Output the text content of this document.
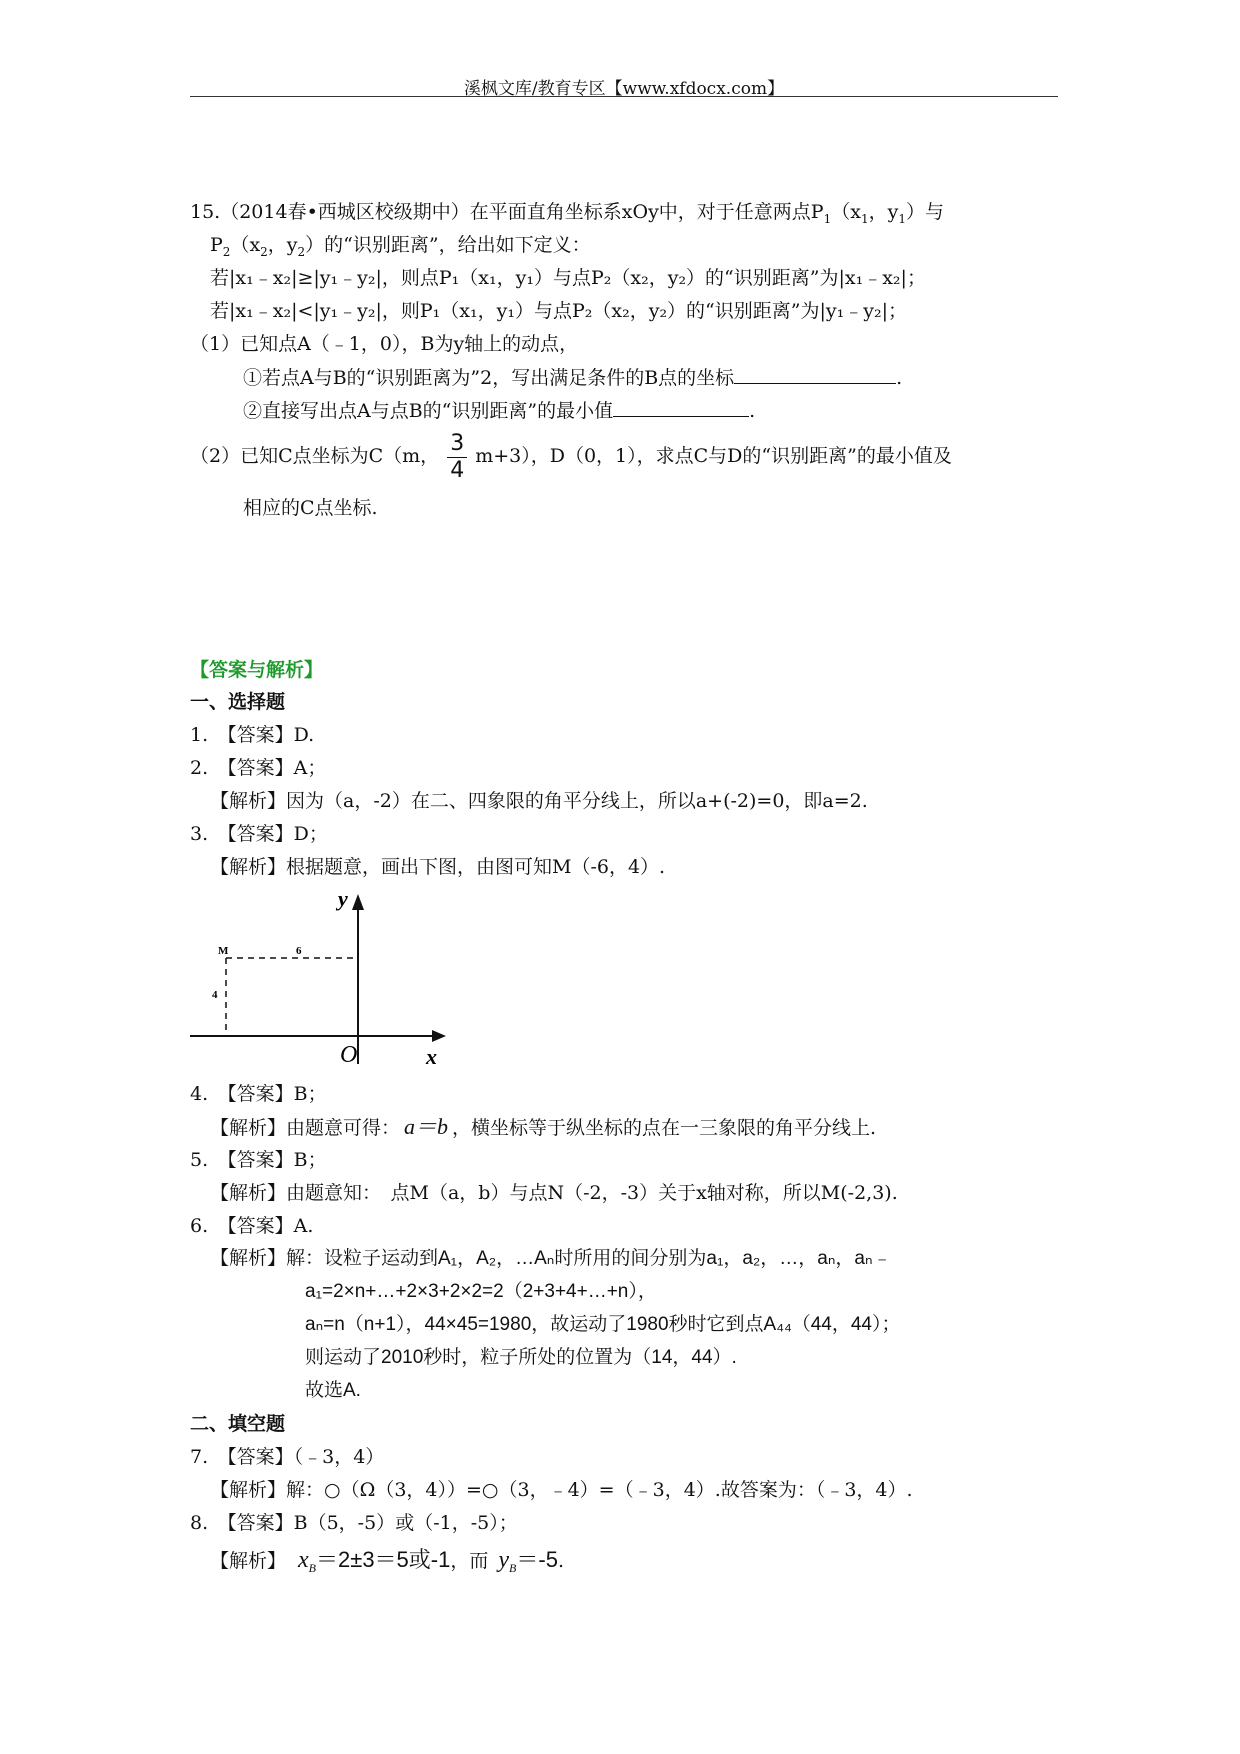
溪枫文库/教育专区【www.xfdocx.com】
15.（2014春•西城区校级期中）在平面直角坐标系xOy中，对于任意两点$P_1(x_1$，$y_1$）与
$P_2(x_2$，$y_2$）的“识别距离”，给出如下定义：
若|x₁﹣x₂|≥|y₁﹣y₂|，则点P₁（x₁，y₁）与点P₂（x₂，y₂）的“识别距离”为|x₁﹣x₂|；
若|x₁﹣x₂|<|y₁﹣y₂|，则P₁（x₁，y₁）与点P₂（x₂，y₂）的“识别距离”为|y₁﹣y₂|；
（1）已知点A（﹣1，0），B为y轴上的动点，
①若点A与B的“识别距离为”2，写出满足条件的B点的坐标	.
②直接写出点A与点B的“识别距离”的最小值	.
（2）已知C点坐标为C（m， $\frac{3}{4} m+3$），D（0，1），求点C与D的“识别距离”的最小值及
相应的C点坐标.
【答案与解析】
一、选择题
1.　【答案】D.
2.　【答案】A；
【解析】因为（a，-2）在二、四象限的角平分线上，所以a+(-2)=0，即a=2.
3.　【答案】D；
【解析】根据题意，画出下图，由图可知M（-6，4）.
y
x
O
M	6
4
4.　【答案】B；
【解析】由题意可得： a＝b ，横坐标等于纵坐标的点在一三象限的角平分线上.
5.　【答案】B；
【解析】由题意知：　点M（a，b）与点N（-2，-3）关于x轴对称，所以M(-2,3).
6.　【答案】A.
【解析】解：设粒子运动到A₁，A₂，…Aₙ时所用的间分别为a₁，a₂，…，aₙ，aₙ﹣
a₁=2×n+…+2×3+2×2=2（2+3+4+…+n），
aₙ=n（n+1），44×45=1980，故运动了1980秒时它到点A₄₄（44，44）；
则运动了2010秒时，粒子所处的位置为（14，44）.
故选A.
二、填空题
7.　【答案】（﹣3，4）
【解析】解：○（Ω（3，4））=○（3，﹣4）=（﹣3，4）.故答案为：（﹣3，4）.
8.　【答案】B（5，-5）或（-1，-5）；
【解析】 $x_B=2\pm 3=5$或-1，而 $y_B=-5$.
